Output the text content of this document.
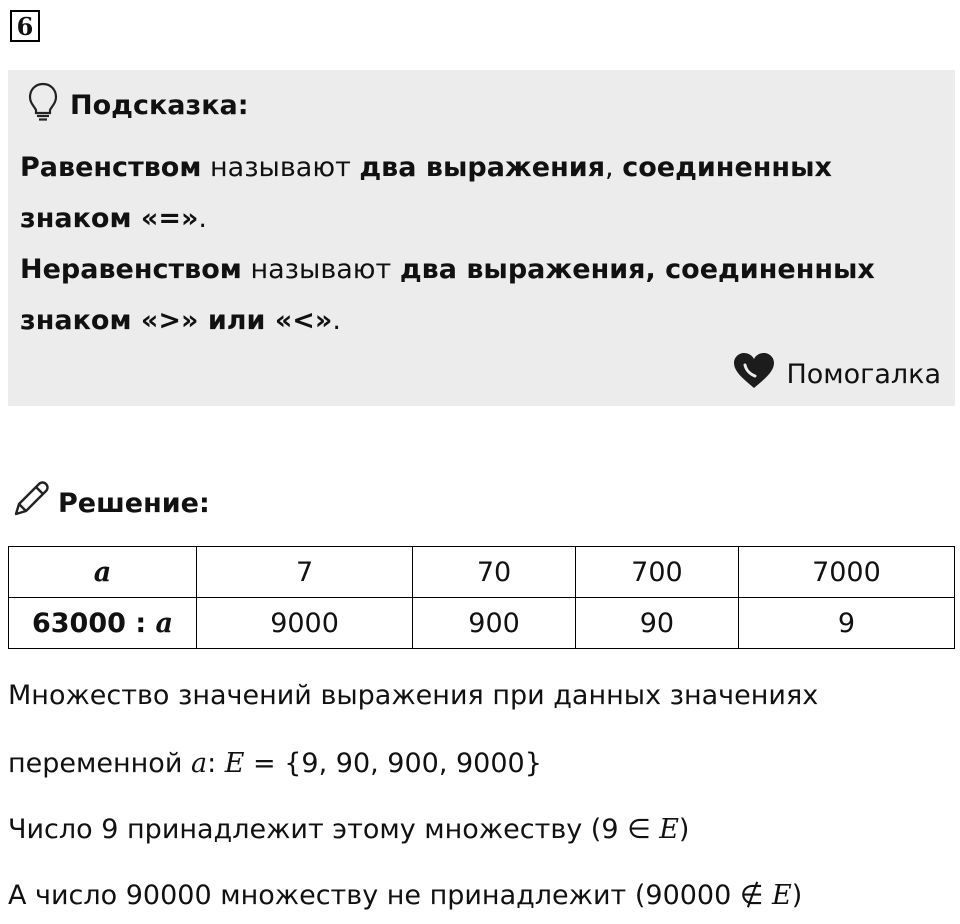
6
Подсказка:
Равенством называют два выражения, соединенных
знаком «=».
Неравенством называют два выражения, соединенных
знаком «>» или «<».
Помогалка
Решение:
a	7	70	700	7000
63000 : a	9000	900	90	9
Множество значений выражения при данных значениях
переменной a: E = {9, 90, 900, 9000}
Число 9 принадлежит этому множеству (9 ∈ E)
А число 90000 множеству не принадлежит (90000 ∉ E)
